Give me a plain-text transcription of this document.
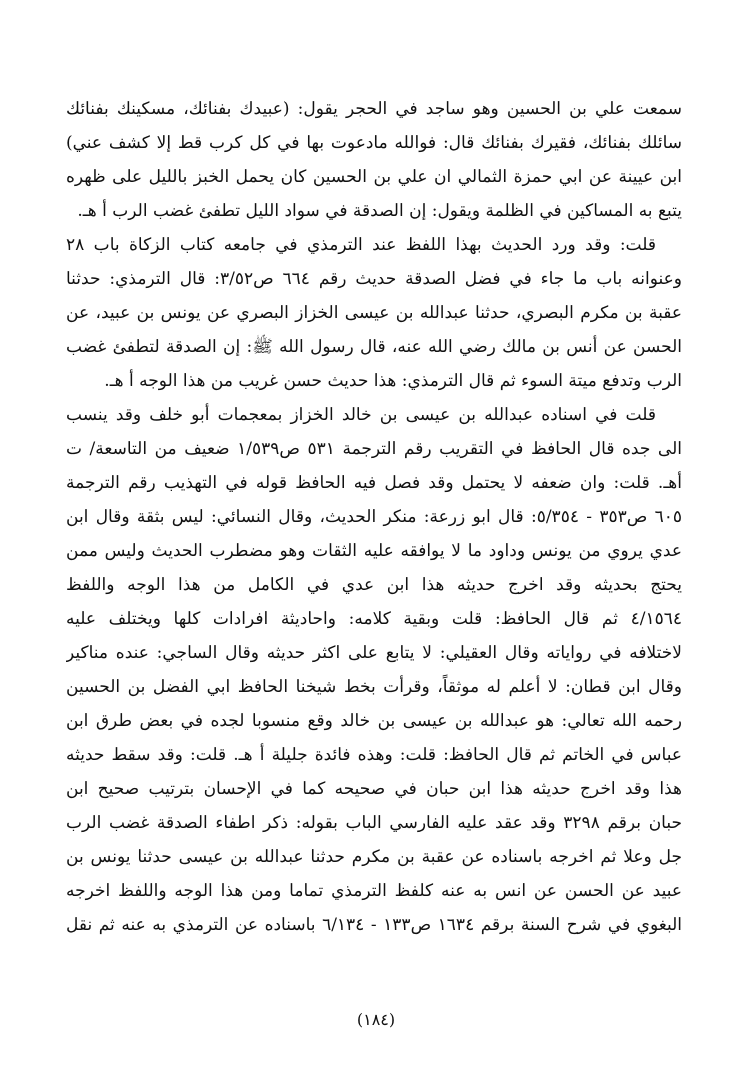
سمعت علي بن الحسين وهو ساجد في الحجر يقول: (عبيدك بفنائك، مسكينك بفنائك
سائلك بفنائك، فقيرك بفنائك قال: فوالله مادعوت بها في كل كرب قط إلا كشف عني)
ابن عيينة عن ابي حمزة الثمالي ان علي بن الحسين كان يحمل الخبز بالليل على ظهره
يتبع به المساكين في الظلمة ويقول: إن الصدقة في سواد الليل تطفئ غضب الرب أ هـ.
قلت: وقد ورد الحديث بهذا اللفظ عند الترمذي في جامعه كتاب الزكاة باب ٢٨
وعنوانه باب ما جاء في فضل الصدقة حديث رقم ٦٦٤ ص٣/٥٢: قال الترمذي: حدثنا
عقبة بن مكرم البصري، حدثنا عبدالله بن عيسى الخزاز البصري عن يونس بن عبيد، عن
الحسن عن أنس بن مالك رضي الله عنه، قال رسول الله ﷺ: إن الصدقة لتطفئ غضب
الرب وتدفع ميتة السوء ثم قال الترمذي: هذا حديث حسن غريب من هذا الوجه أ هـ.
قلت في اسناده عبدالله بن عيسى بن خالد الخزاز بمعجمات أبو خلف وقد ينسب
الى جده قال الحافظ في التقريب رقم الترجمة ٥٣١ ص١/٥٣٩ ضعيف من التاسعة/ ت
أهـ. قلت: وان ضعفه لا يحتمل وقد فصل فيه الحافظ قوله في التهذيب رقم الترجمة
٦٠٥ ص٣٥٣ - ٥/٣٥٤: قال ابو زرعة: منكر الحديث، وقال النسائي: ليس بثقة وقال ابن
عدي يروي من يونس وداود ما لا يوافقه عليه الثقات وهو مضطرب الحديث وليس ممن
يحتج بحديثه وقد اخرج حديثه هذا ابن عدي في الكامل من هذا الوجه واللفظ
٤/١٥٦٤ ثم قال الحافظ: قلت وبقية كلامه: واحاديثة افرادات كلها ويختلف عليه
لاختلافه في رواياته وقال العقيلي: لا يتابع على اكثر حديثه وقال الساجي: عنده مناكير
وقال ابن قطان: لا أعلم له موثقاً، وقرأت بخط شيخنا الحافظ ابي الفضل بن الحسين
رحمه الله تعالي: هو عبدالله بن عيسى بن خالد وقع منسوبا لجده في بعض طرق ابن
عباس في الخاتم ثم قال الحافظ: قلت: وهذه فائدة جليلة أ هـ. قلت: وقد سقط حديثه
هذا وقد اخرج حديثه هذا ابن حبان في صحيحه كما في الإحسان بترتيب صحيح ابن
حبان برقم ٣٢٩٨ وقد عقد عليه الفارسي الباب بقوله: ذكر اطفاء الصدقة غضب الرب
جل وعلا ثم اخرجه باسناده عن عقبة بن مكرم حدثنا عبدالله بن عيسى حدثنا يونس بن
عبيد عن الحسن عن انس به عنه كلفظ الترمذي تماما ومن هذا الوجه واللفظ اخرجه
البغوي في شرح السنة برقم ١٦٣٤ ص١٣٣ - ٦/١٣٤ باسناده عن الترمذي به عنه ثم نقل
(١٨٤)
